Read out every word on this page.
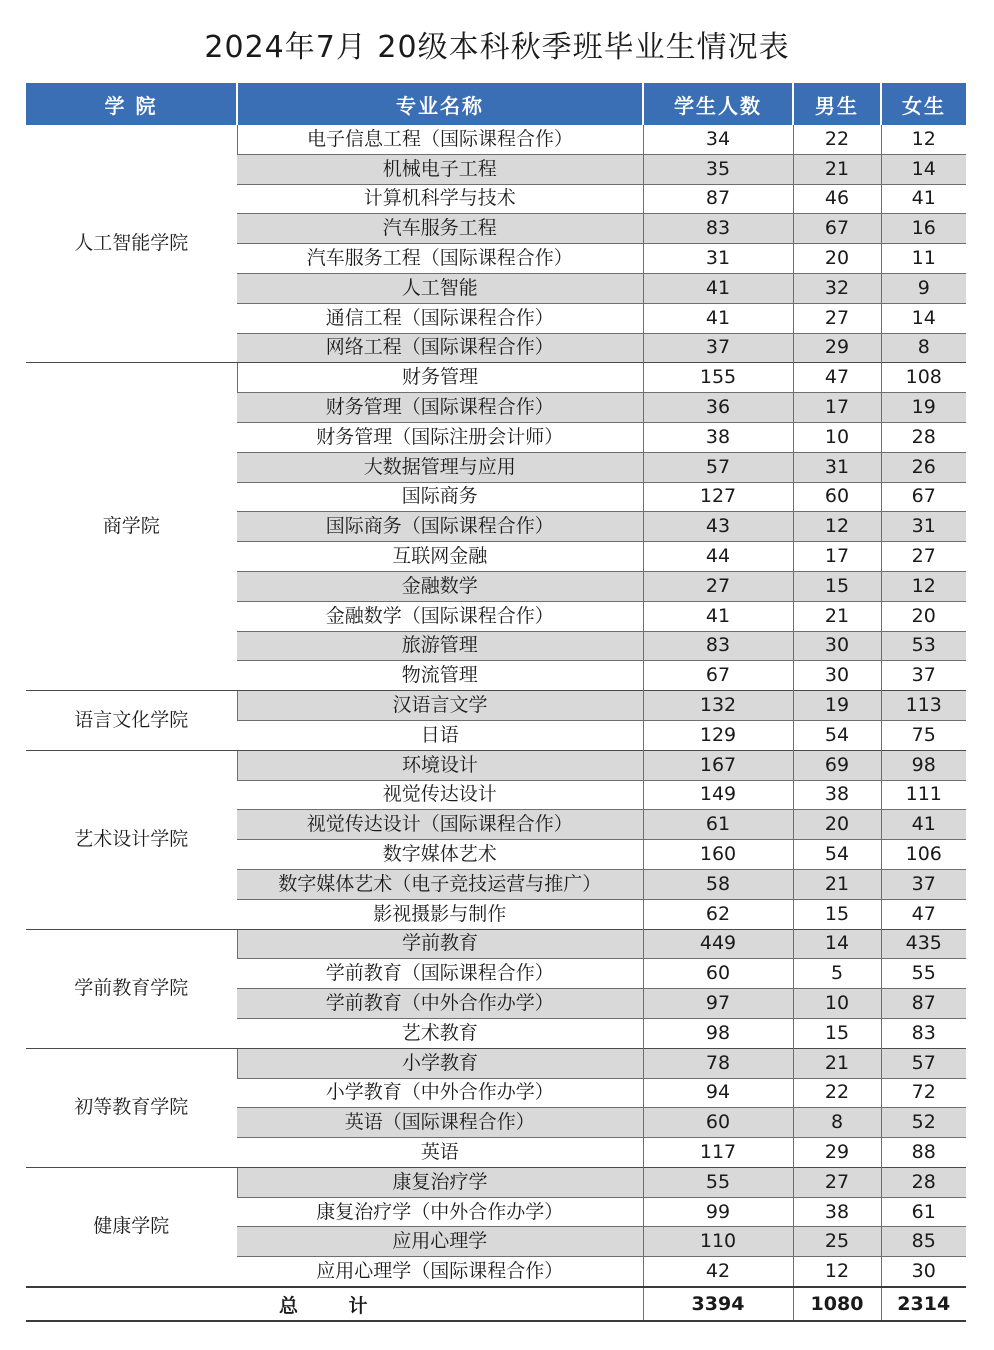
2024年7月 20级本科秋季班毕业生情况表
学 院	专业名称	学生人数	男生	女生
人工智能学院	电子信息工程（国际课程合作）	34	22	12
	机械电子工程	35	21	14
	计算机科学与技术	87	46	41
	汽车服务工程	83	67	16
	汽车服务工程（国际课程合作）	31	20	11
	人工智能	41	32	9
	通信工程（国际课程合作）	41	27	14
	网络工程（国际课程合作）	37	29	8
商学院	财务管理	155	47	108
	财务管理（国际课程合作）	36	17	19
	财务管理（国际注册会计师）	38	10	28
	大数据管理与应用	57	31	26
	国际商务	127	60	67
	国际商务（国际课程合作）	43	12	31
	互联网金融	44	17	27
	金融数学	27	15	12
	金融数学（国际课程合作）	41	21	20
	旅游管理	83	30	53
	物流管理	67	30	37
语言文化学院	汉语言文学	132	19	113
	日语	129	54	75
艺术设计学院	环境设计	167	69	98
	视觉传达设计	149	38	111
	视觉传达设计（国际课程合作）	61	20	41
	数字媒体艺术	160	54	106
	数字媒体艺术（电子竞技运营与推广）	58	21	37
	影视摄影与制作	62	15	47
学前教育学院	学前教育	449	14	435
	学前教育（国际课程合作）	60	5	55
	学前教育（中外合作办学）	97	10	87
	艺术教育	98	15	83
初等教育学院	小学教育	78	21	57
	小学教育（中外合作办学）	94	22	72
	英语（国际课程合作）	60	8	52
	英语	117	29	88
健康学院	康复治疗学	55	27	28
	康复治疗学（中外合作办学）	99	38	61
	应用心理学	110	25	85
	应用心理学（国际课程合作）	42	12	30
总 计		3394	1080	2314
